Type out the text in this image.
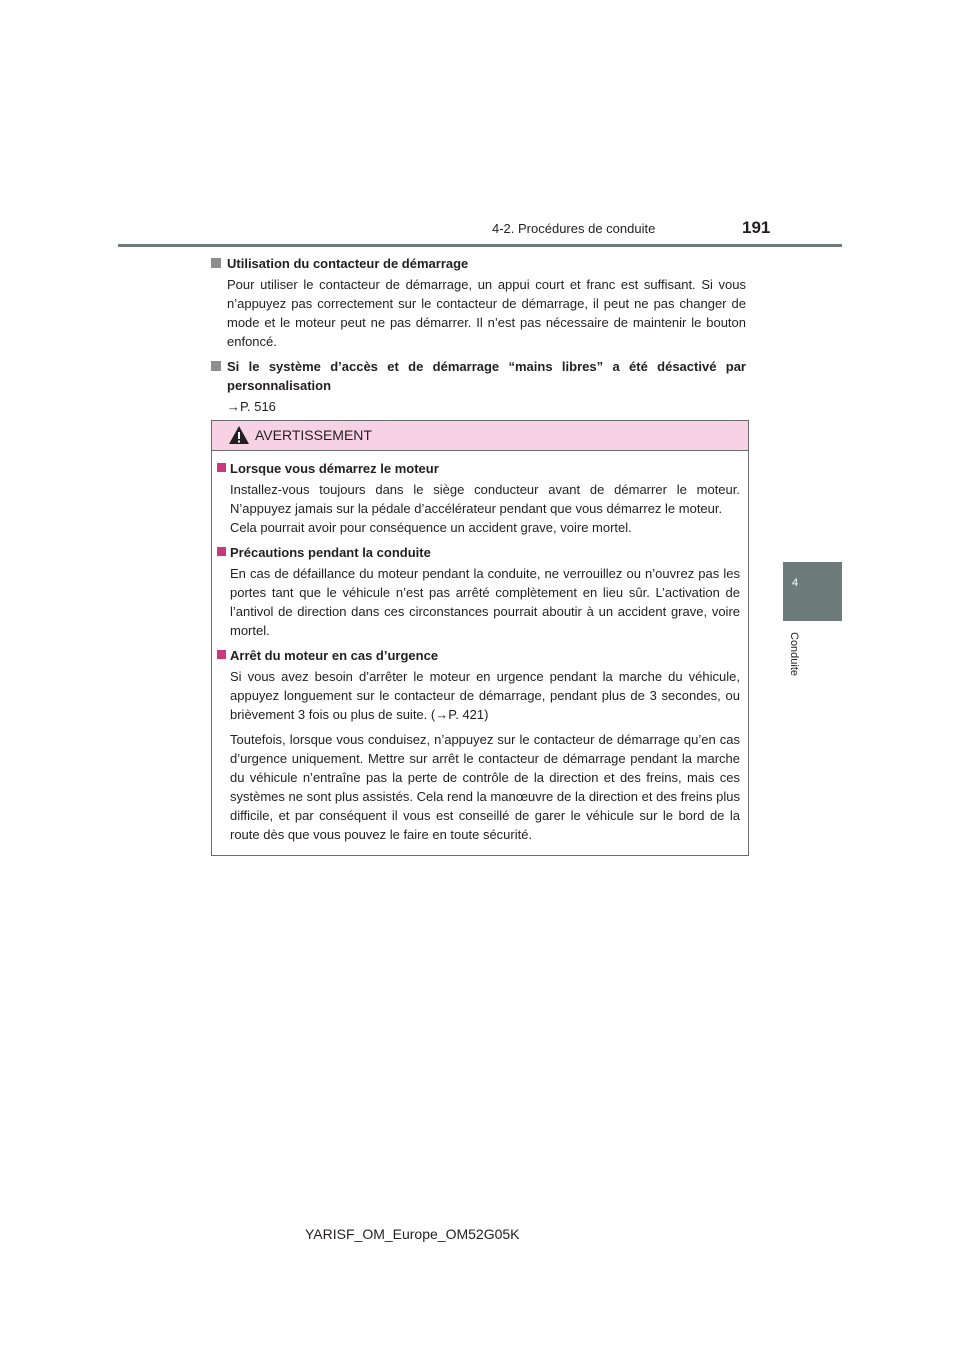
4-2. Procédures de conduite	191
4
Conduite

Utilisation du contacteur de démarrage

Pour utiliser le contacteur de démarrage, un appui court et franc est suffisant. Si vous n’appuyez pas correctement sur le contacteur de démarrage, il peut ne pas changer de mode et le moteur peut ne pas démarrer. Il n’est pas nécessaire de maintenir le bouton enfoncé.

Si le système d’accès et de démarrage “mains libres” a été désactivé par personnalisation

→P. 516

AVERTISSEMENT

Lorsque vous démarrez le moteur

Installez-vous toujours dans le siège conducteur avant de démarrer le moteur. N’appuyez jamais sur la pédale d’accélérateur pendant que vous démarrez le moteur.

Cela pourrait avoir pour conséquence un accident grave, voire mortel.

Précautions pendant la conduite

En cas de défaillance du moteur pendant la conduite, ne verrouillez ou n’ouvrez pas les portes tant que le véhicule n’est pas arrêté complètement en lieu sûr. L’activation de l’antivol de direction dans ces circonstances pourrait aboutir à un accident grave, voire mortel.

Arrêt du moteur en cas d’urgence

Si vous avez besoin d’arrêter le moteur en urgence pendant la marche du véhicule, appuyez longuement sur le contacteur de démarrage, pendant plus de 3 secondes, ou brièvement 3 fois ou plus de suite. (→P. 421)

Toutefois, lorsque vous conduisez, n’appuyez sur le contacteur de démarrage qu’en cas d’urgence uniquement. Mettre sur arrêt le contacteur de démarrage pendant la marche du véhicule n’entraîne pas la perte de contrôle de la direction et des freins, mais ces systèmes ne sont plus assistés. Cela rend la manœuvre de la direction et des freins plus difficile, et par conséquent il vous est conseillé de garer le véhicule sur le bord de la route dès que vous pouvez le faire en toute sécurité.

YARISF_OM_Europe_OM52G05K
